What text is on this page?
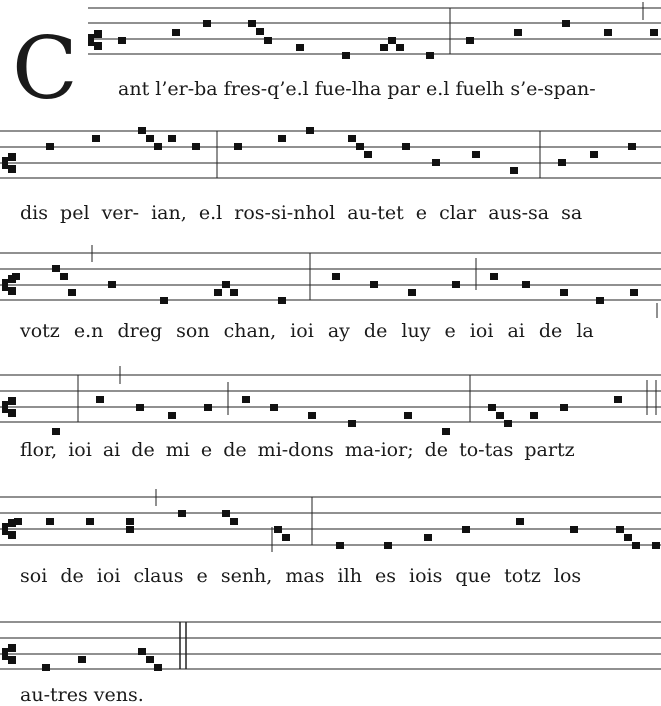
C ant l’er-ba fres-q’e.l fue-lha par e.l fuelh s’e-span-
dis pel ver- ian, e.l ros-si-nhol au-tet e clar aus-sa sa
votz e.n dreg son chan, ioi ay de luy e ioi ai de la
flor, ioi ai de mi e de mi-dons ma-ior; de to-tas partz
soi de ioi claus e senh, mas ilh es iois que totz los
au-tres vens.
